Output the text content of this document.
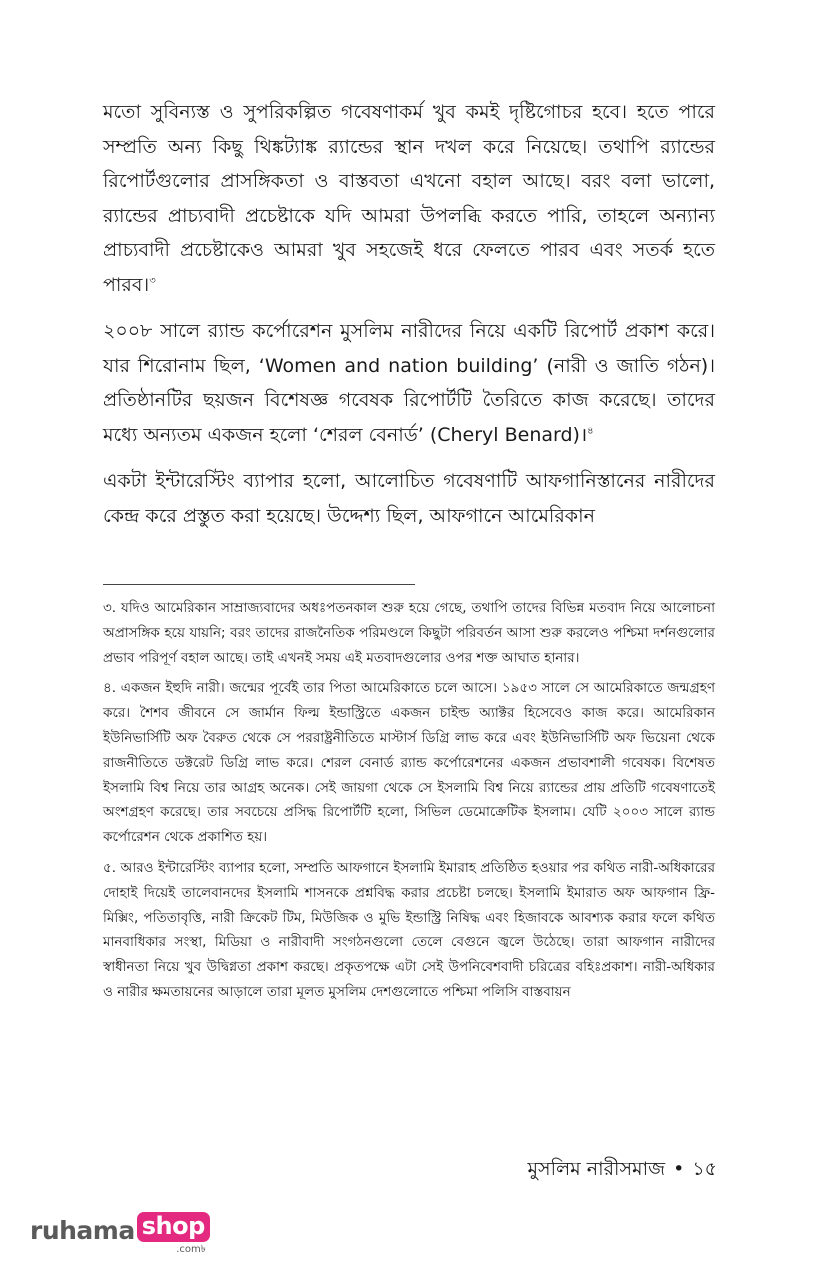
মতো সুবিন্যস্ত ও সুপরিকল্পিত গবেষণাকর্ম খুব কমই দৃষ্টিগোচর হবে। হতে পারে সম্প্রতি অন্য কিছু থিঙ্কট্যাঙ্ক র‌্যান্ডের স্থান দখল করে নিয়েছে। তথাপি র‌্যান্ডের রিপোর্টগুলোর প্রাসঙ্গিকতা ও বাস্তবতা এখনো বহাল আছে। বরং বলা ভালো, র‌্যান্ডের প্রাচ্যবাদী প্রচেষ্টাকে যদি আমরা উপলব্ধি করতে পারি, তাহলে অন্যান্য প্রাচ্যবাদী প্রচেষ্টাকেও আমরা খুব সহজেই ধরে ফেলতে পারব এবং সতর্ক হতে পারব।$^৩$

২০০৮ সালে র‌্যান্ড কর্পোরেশন মুসলিম নারীদের নিয়ে একটি রিপোর্ট প্রকাশ করে। যার শিরোনাম ছিল, ‘Women and nation building’ (নারী ও জাতি গঠন)। প্রতিষ্ঠানটির ছয়জন বিশেষজ্ঞ গবেষক রিপোর্টটি তৈরিতে কাজ করেছে। তাদের মধ্যে অন্যতম একজন হলো ‘শেরল বেনার্ড’ (Cheryl Benard)।$^৪$

একটা ইন্টারেস্টিং ব্যাপার হলো, আলোচিত গবেষণাটি আফগানিস্তানের নারীদের কেন্দ্র করে প্রস্তুত করা হয়েছে। উদ্দেশ্য ছিল, আফগানে আমেরিকান

৩. যদিও আমেরিকান সাম্রাজ্যবাদের অধঃপতনকাল শুরু হয়ে গেছে, তথাপি তাদের বিভিন্ন মতবাদ নিয়ে আলোচনা অপ্রাসঙ্গিক হয়ে যায়নি; বরং তাদের রাজনৈতিক পরিমণ্ডলে কিছুটা পরিবর্তন আসা শুরু করলেও পশ্চিমা দর্শনগুলোর প্রভাব পরিপূর্ণ বহাল আছে। তাই এখনই সময় এই মতবাদগুলোর ওপর শক্ত আঘাত হানার।

৪. একজন ইহুদি নারী। জন্মের পূর্বেই তার পিতা আমেরিকাতে চলে আসে। ১৯৫৩ সালে সে আমেরিকাতে জন্মগ্রহণ করে। শৈশব জীবনে সে জার্মান ফিল্ম ইন্ডাস্ট্রিতে একজন চাইল্ড অ্যাক্টর হিসেবেও কাজ করে। আমেরিকান ইউনিভার্সিটি অফ বৈরুত থেকে সে পররাষ্ট্রনীতিতে মাস্টার্স ডিগ্রি লাভ করে এবং ইউনিভার্সিটি অফ ভিয়েনা থেকে রাজনীতিতে ডক্টরেট ডিগ্রি লাভ করে। শেরল বেনার্ড র‌্যান্ড কর্পোরেশনের একজন প্রভাবশালী গবেষক। বিশেষত ইসলামি বিশ্ব নিয়ে তার আগ্রহ অনেক। সেই জায়গা থেকে সে ইসলামি বিশ্ব নিয়ে র‌্যান্ডের প্রায় প্রতিটি গবেষণাতেই অংশগ্রহণ করেছে। তার সবচেয়ে প্রসিদ্ধ রিপোর্টটি হলো, সিভিল ডেমোক্রেটিক ইসলাম। যেটি ২০০৩ সালে র‌্যান্ড কর্পোরেশন থেকে প্রকাশিত হয়।

৫. আরও ইন্টারেস্টিং ব্যাপার হলো, সম্প্রতি আফগানে ইসলামি ইমারাহ প্রতিষ্ঠিত হওয়ার পর কথিত নারী-অধিকারের দোহাই দিয়েই তালেবানদের ইসলামি শাসনকে প্রশ্নবিদ্ধ করার প্রচেষ্টা চলছে। ইসলামি ইমারাত অফ আফগান ফ্রি-মিক্সিং, পতিতাবৃত্তি, নারী ক্রিকেট টিম, মিউজিক ও মুভি ইন্ডাস্ট্রি নিষিদ্ধ এবং হিজাবকে আবশ্যক করার ফলে কথিত মানবাধিকার সংস্থা, মিডিয়া ও নারীবাদী সংগঠনগুলো তেলে বেগুনে জ্বলে উঠেছে। তারা আফগান নারীদের স্বাধীনতা নিয়ে খুব উদ্বিগ্নতা প্রকাশ করছে। প্রকৃতপক্ষে এটা সেই উপনিবেশবাদী চরিত্রের বহিঃপ্রকাশ। নারী-অধিকার ও নারীর ক্ষমতায়নের আড়ালে তারা মূলত মুসলিম দেশগুলোতে পশ্চিমা পলিসি বাস্তবায়ন

মুসলিম নারীসমাজ • ১৫
ruhama shop
.com৳
